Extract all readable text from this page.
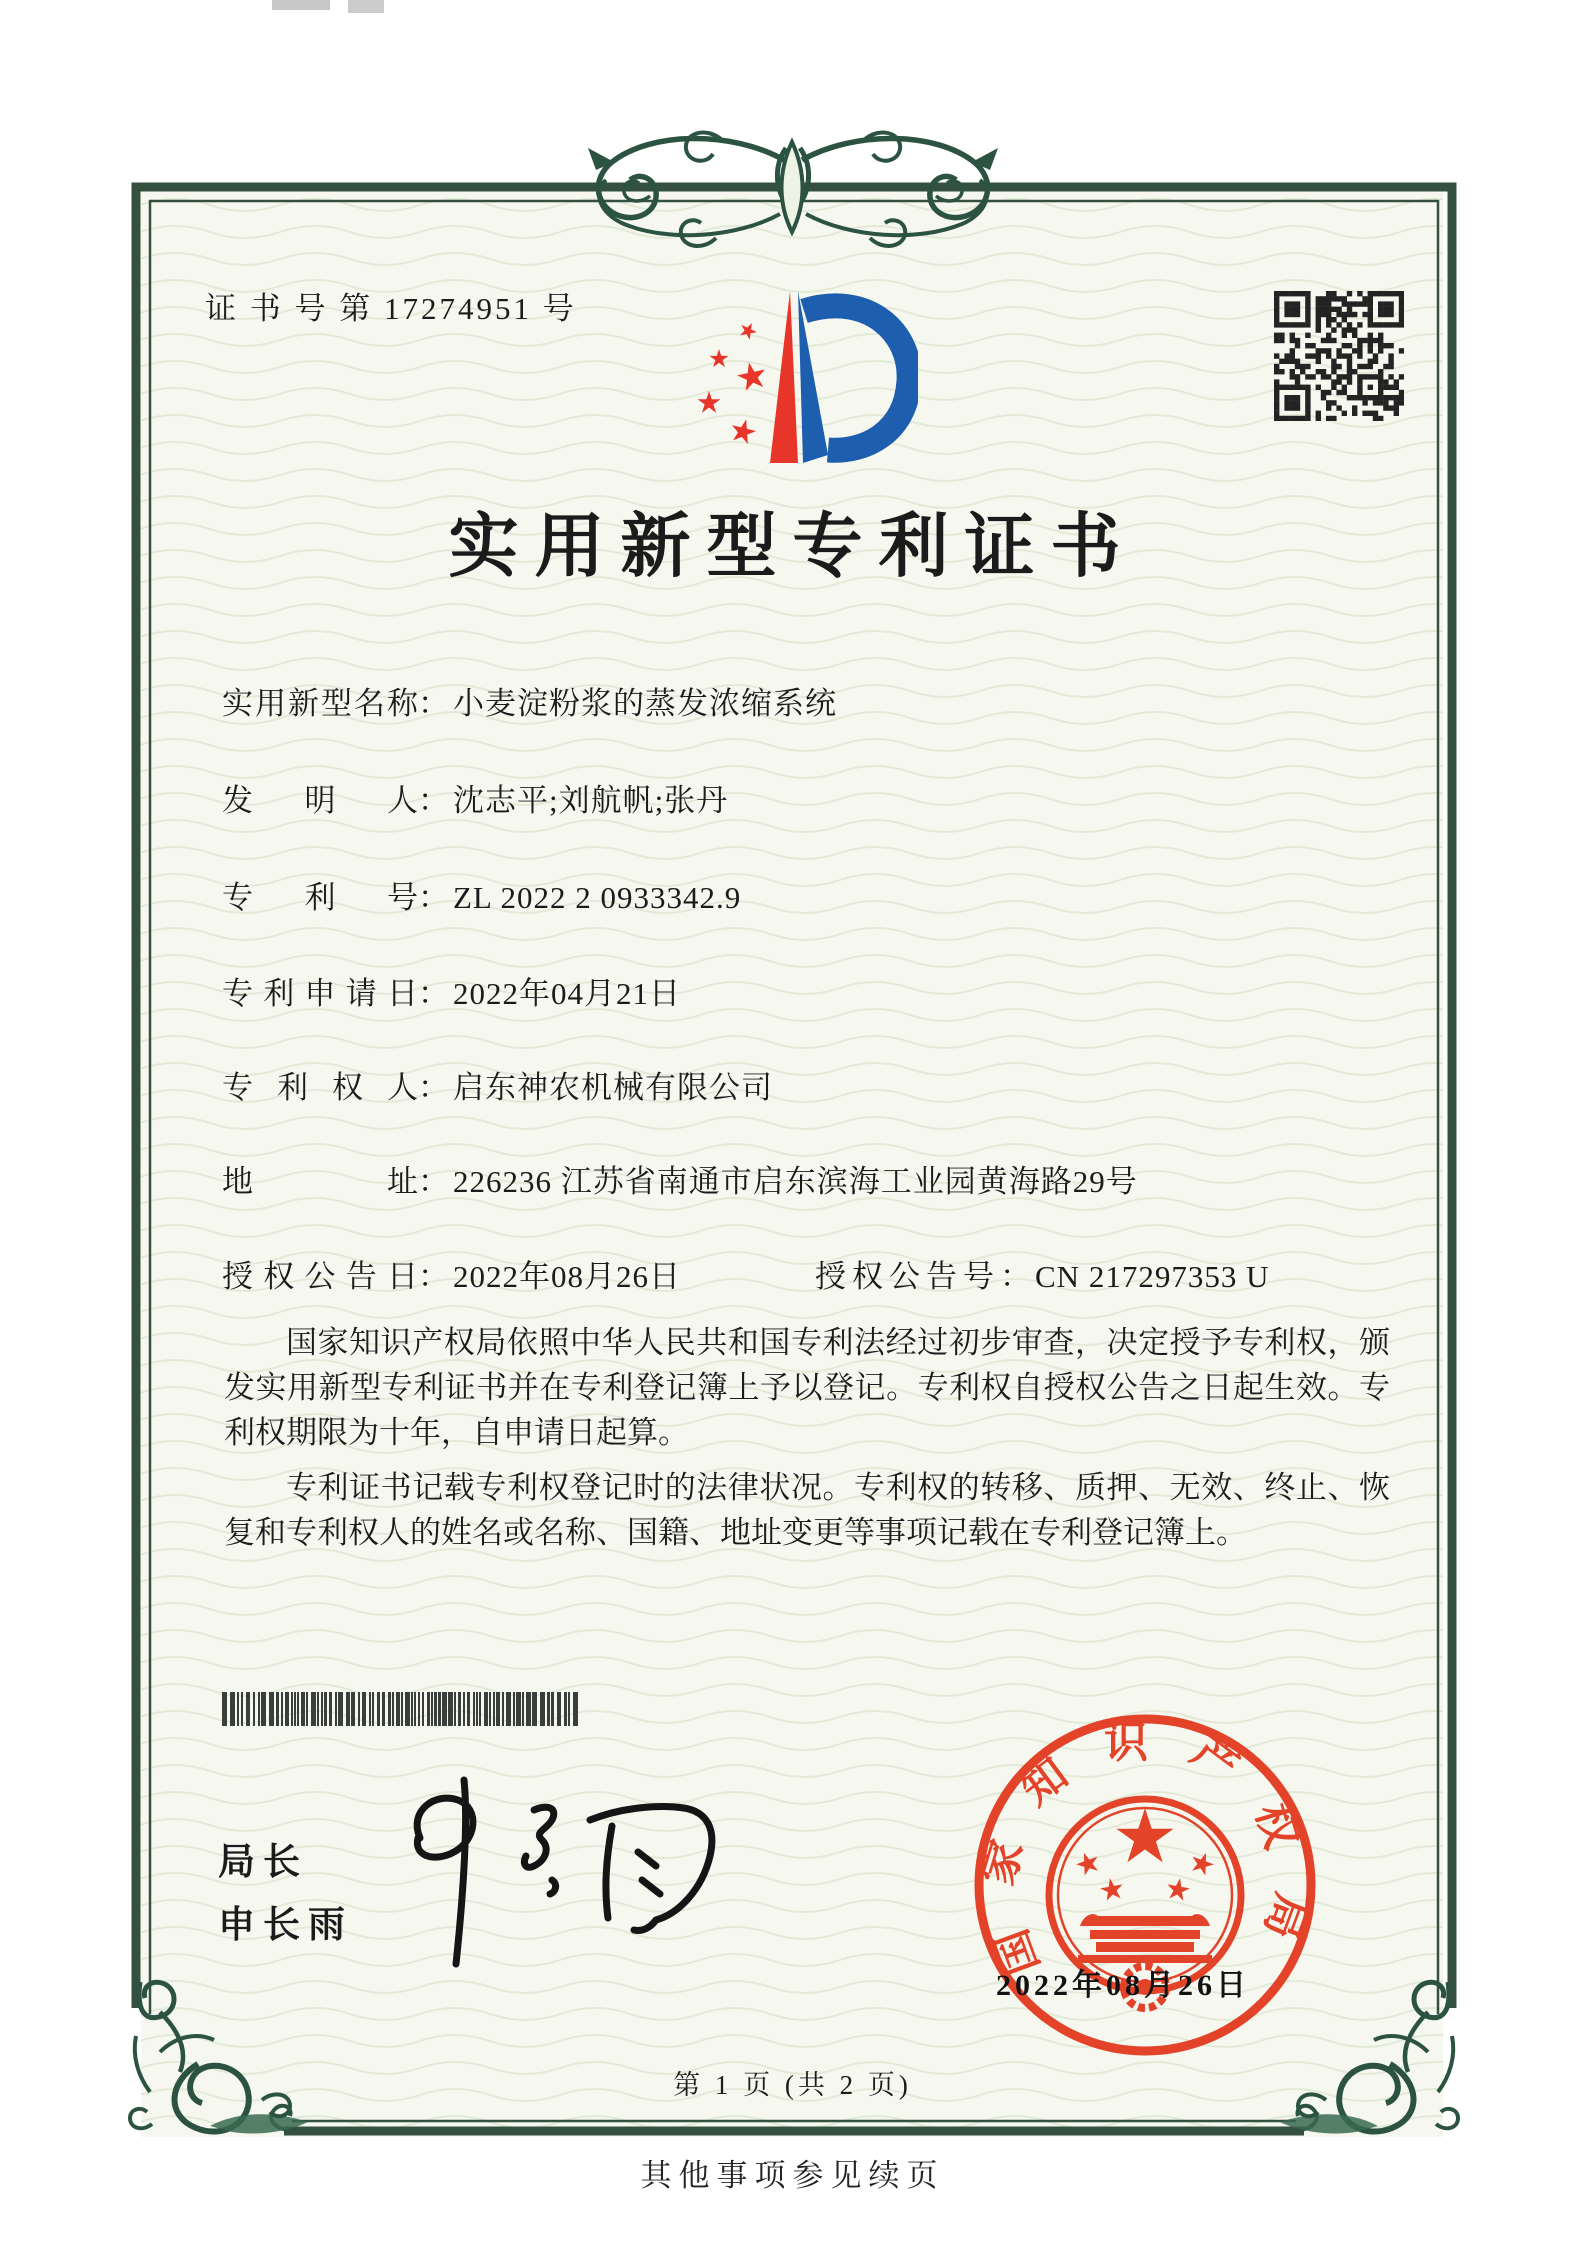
证 书 号 第 17274951 号
实用新型专利证书
实用新型名称： 小麦淀粉浆的蒸发浓缩系统
发明人： 沈志平;刘航帆;张丹
专利号： ZL 2022 2 0933342.9
专利申请日： 2022年04月21日
专利权人： 启东神农机械有限公司
地址： 226236 江苏省南通市启东滨海工业园黄海路29号
授权公告日： 2022年08月26日	授权公告号： CN 217297353 U

国家知识产权局依照中华人民共和国专利法经过初步审查，决定授予专利权，颁发实用新型专利证书并在专利登记簿上予以登记。专利权自授权公告之日起生效。专利权期限为十年，自申请日起算。

专利证书记载专利权登记时的法律状况。专利权的转移、质押、无效、终止、恢复和专利权人的姓名或名称、国籍、地址变更等事项记载在专利登记簿上。

局长
申长雨	国家知识产权局
2022年08月26日
第 1 页 (共 2 页)
其他事项参见续页
